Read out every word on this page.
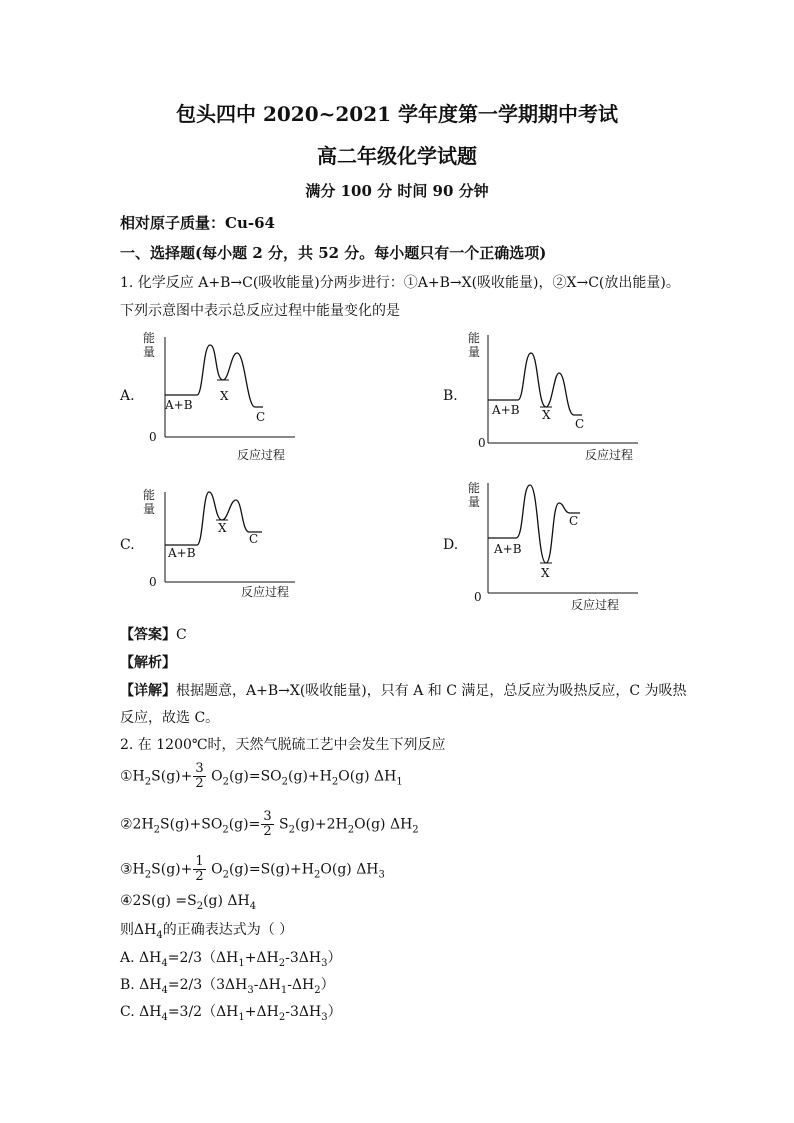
包头四中 2020~2021 学年度第一学期期中考试
高二年级化学试题
满分 100 分 时间 90 分钟
相对原子质量：Cu-64
一、选择题(每小题 2 分，共 52 分。每小题只有一个正确选项)
1. 化学反应 A+B→C(吸收能量)分两步进行：①A+B→X(吸收能量)，②X→C(放出能量)。
下列示意图中表示总反应过程中能量变化的是
A.
能
量
0
反应过程
A+B
X
C
B.
能
量
0
反应过程
A+B X
C
C.
能
量
0
反应过程
A+B
X
C	D.
能
量
0
反应过程
A+B
X
C
【答案】C
【解析】
【详解】根据题意，A+B→X(吸收能量)，只有 A 和 C 满足，总反应为吸热反应，C 为吸热
反应，故选 C。
2. 在 1200℃时，天然气脱硫工艺中会发生下列反应
$①H_2S(g)+ \frac{3}{2} O_2(g)=SO_2(g)+H_2O(g)$ $\Delta H_1$
$②2H_2S(g)+SO_2(g)= \frac{3}{2} S_2(g)+2H_2O(g)$ $\Delta H_2$
$③H_2S(g)+ \frac{1}{2} O_2(g)=S(g)+H_2O(g)$ $\Delta H_3$
④2S(g) $=S_2(g)$ $\Delta H_4$
则$\Delta H_4$的正确表达式为（ ）
A. $\Delta H_4=2/3(\Delta H_1+\Delta H_2-3\Delta H_3)$
B. $\Delta H_4=2/3(3\Delta H_3-\Delta H_1-\Delta H_2)$
C. $\Delta H_4=3/2(\Delta H_1+\Delta H_2-3\Delta H_3)$
